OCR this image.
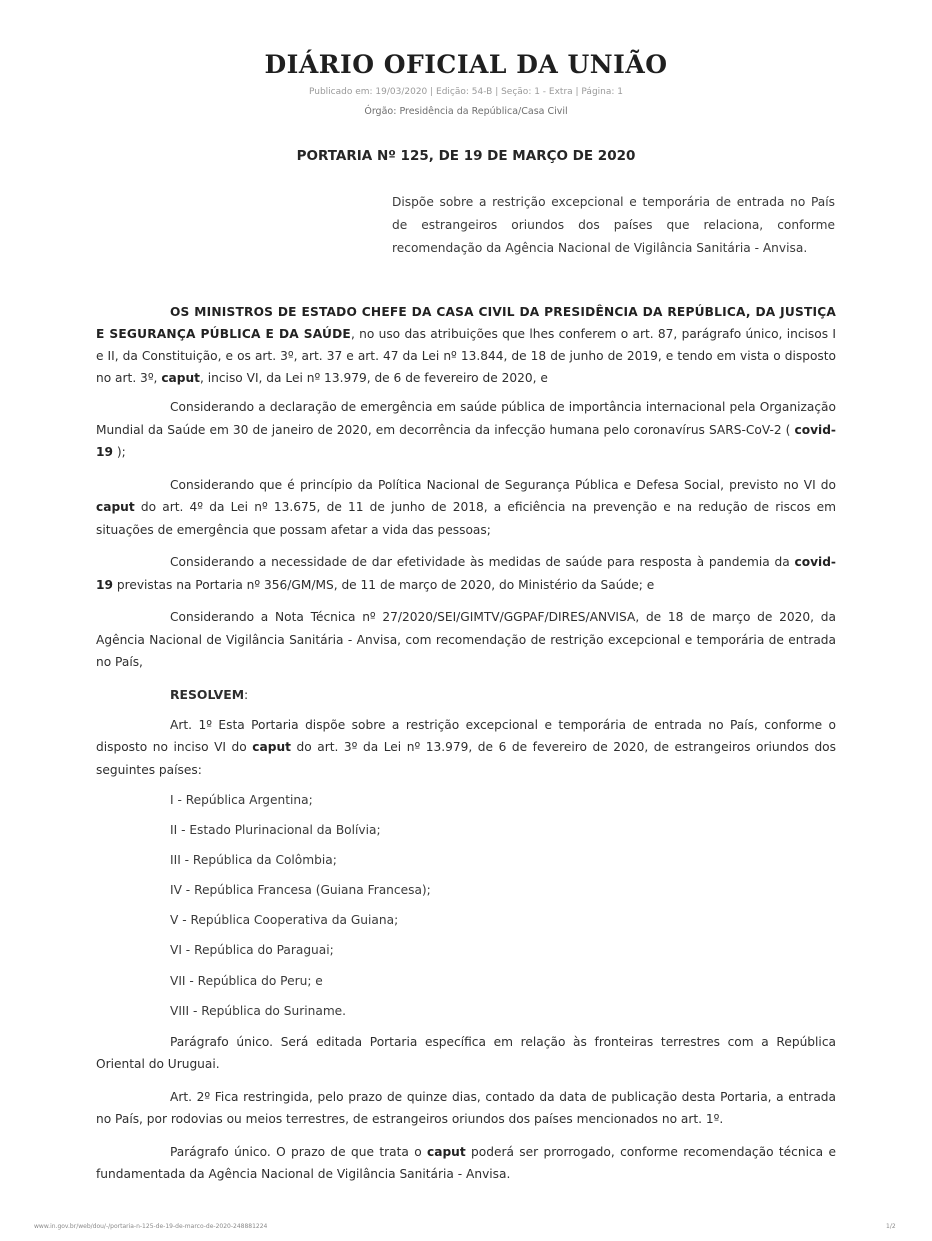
DIÁRIO OFICIAL DA UNIÃO
Publicado em: 19/03/2020 | Edição: 54-B | Seção: 1 - Extra | Página: 1
Órgão: Presidência da República/Casa Civil
PORTARIA Nº 125, DE 19 DE MARÇO DE 2020
Dispõe sobre a restrição excepcional e temporária de entrada no País de estrangeiros oriundos dos países que relaciona, conforme recomendação da Agência Nacional de Vigilância Sanitária - Anvisa.

OS MINISTROS DE ESTADO CHEFE DA CASA CIVIL DA PRESIDÊNCIA DA REPÚBLICA, DA JUSTIÇA E SEGURANÇA PÚBLICA E DA SAÚDE, no uso das atribuições que lhes conferem o art. 87, parágrafo único, incisos I e II, da Constituição, e os art. 3º, art. 37 e art. 47 da Lei nº 13.844, de 18 de junho de 2019, e tendo em vista o disposto no art. 3º, caput, inciso VI, da Lei nº 13.979, de 6 de fevereiro de 2020, e

Considerando a declaração de emergência em saúde pública de importância internacional pela Organização Mundial da Saúde em 30 de janeiro de 2020, em decorrência da infecção humana pelo coronavírus SARS-CoV-2 ( covid-19 );

Considerando que é princípio da Política Nacional de Segurança Pública e Defesa Social, previsto no VI do caput do art. 4º da Lei nº 13.675, de 11 de junho de 2018, a eficiência na prevenção e na redução de riscos em situações de emergência que possam afetar a vida das pessoas;

Considerando a necessidade de dar efetividade às medidas de saúde para resposta à pandemia da covid-19 previstas na Portaria nº 356/GM/MS, de 11 de março de 2020, do Ministério da Saúde; e

Considerando a Nota Técnica nº 27/2020/SEI/GIMTV/GGPAF/DIRES/ANVISA, de 18 de março de 2020, da Agência Nacional de Vigilância Sanitária - Anvisa, com recomendação de restrição excepcional e temporária de entrada no País,

RESOLVEM:

Art. 1º Esta Portaria dispõe sobre a restrição excepcional e temporária de entrada no País, conforme o disposto no inciso VI do caput do art. 3º da Lei nº 13.979, de 6 de fevereiro de 2020, de estrangeiros oriundos dos seguintes países:

I - República Argentina;

II - Estado Plurinacional da Bolívia;

III - República da Colômbia;

IV - República Francesa (Guiana Francesa);

V - República Cooperativa da Guiana;

VI - República do Paraguai;

VII - República do Peru; e

VIII - República do Suriname.

Parágrafo único. Será editada Portaria específica em relação às fronteiras terrestres com a República Oriental do Uruguai.

Art. 2º Fica restringida, pelo prazo de quinze dias, contado da data de publicação desta Portaria, a entrada no País, por rodovias ou meios terrestres, de estrangeiros oriundos dos países mencionados no art. 1º.

Parágrafo único. O prazo de que trata o caput poderá ser prorrogado, conforme recomendação técnica e fundamentada da Agência Nacional de Vigilância Sanitária - Anvisa.

www.in.gov.br/web/dou/-/portaria-n-125-de-19-de-marco-de-2020-248881224	1/2
